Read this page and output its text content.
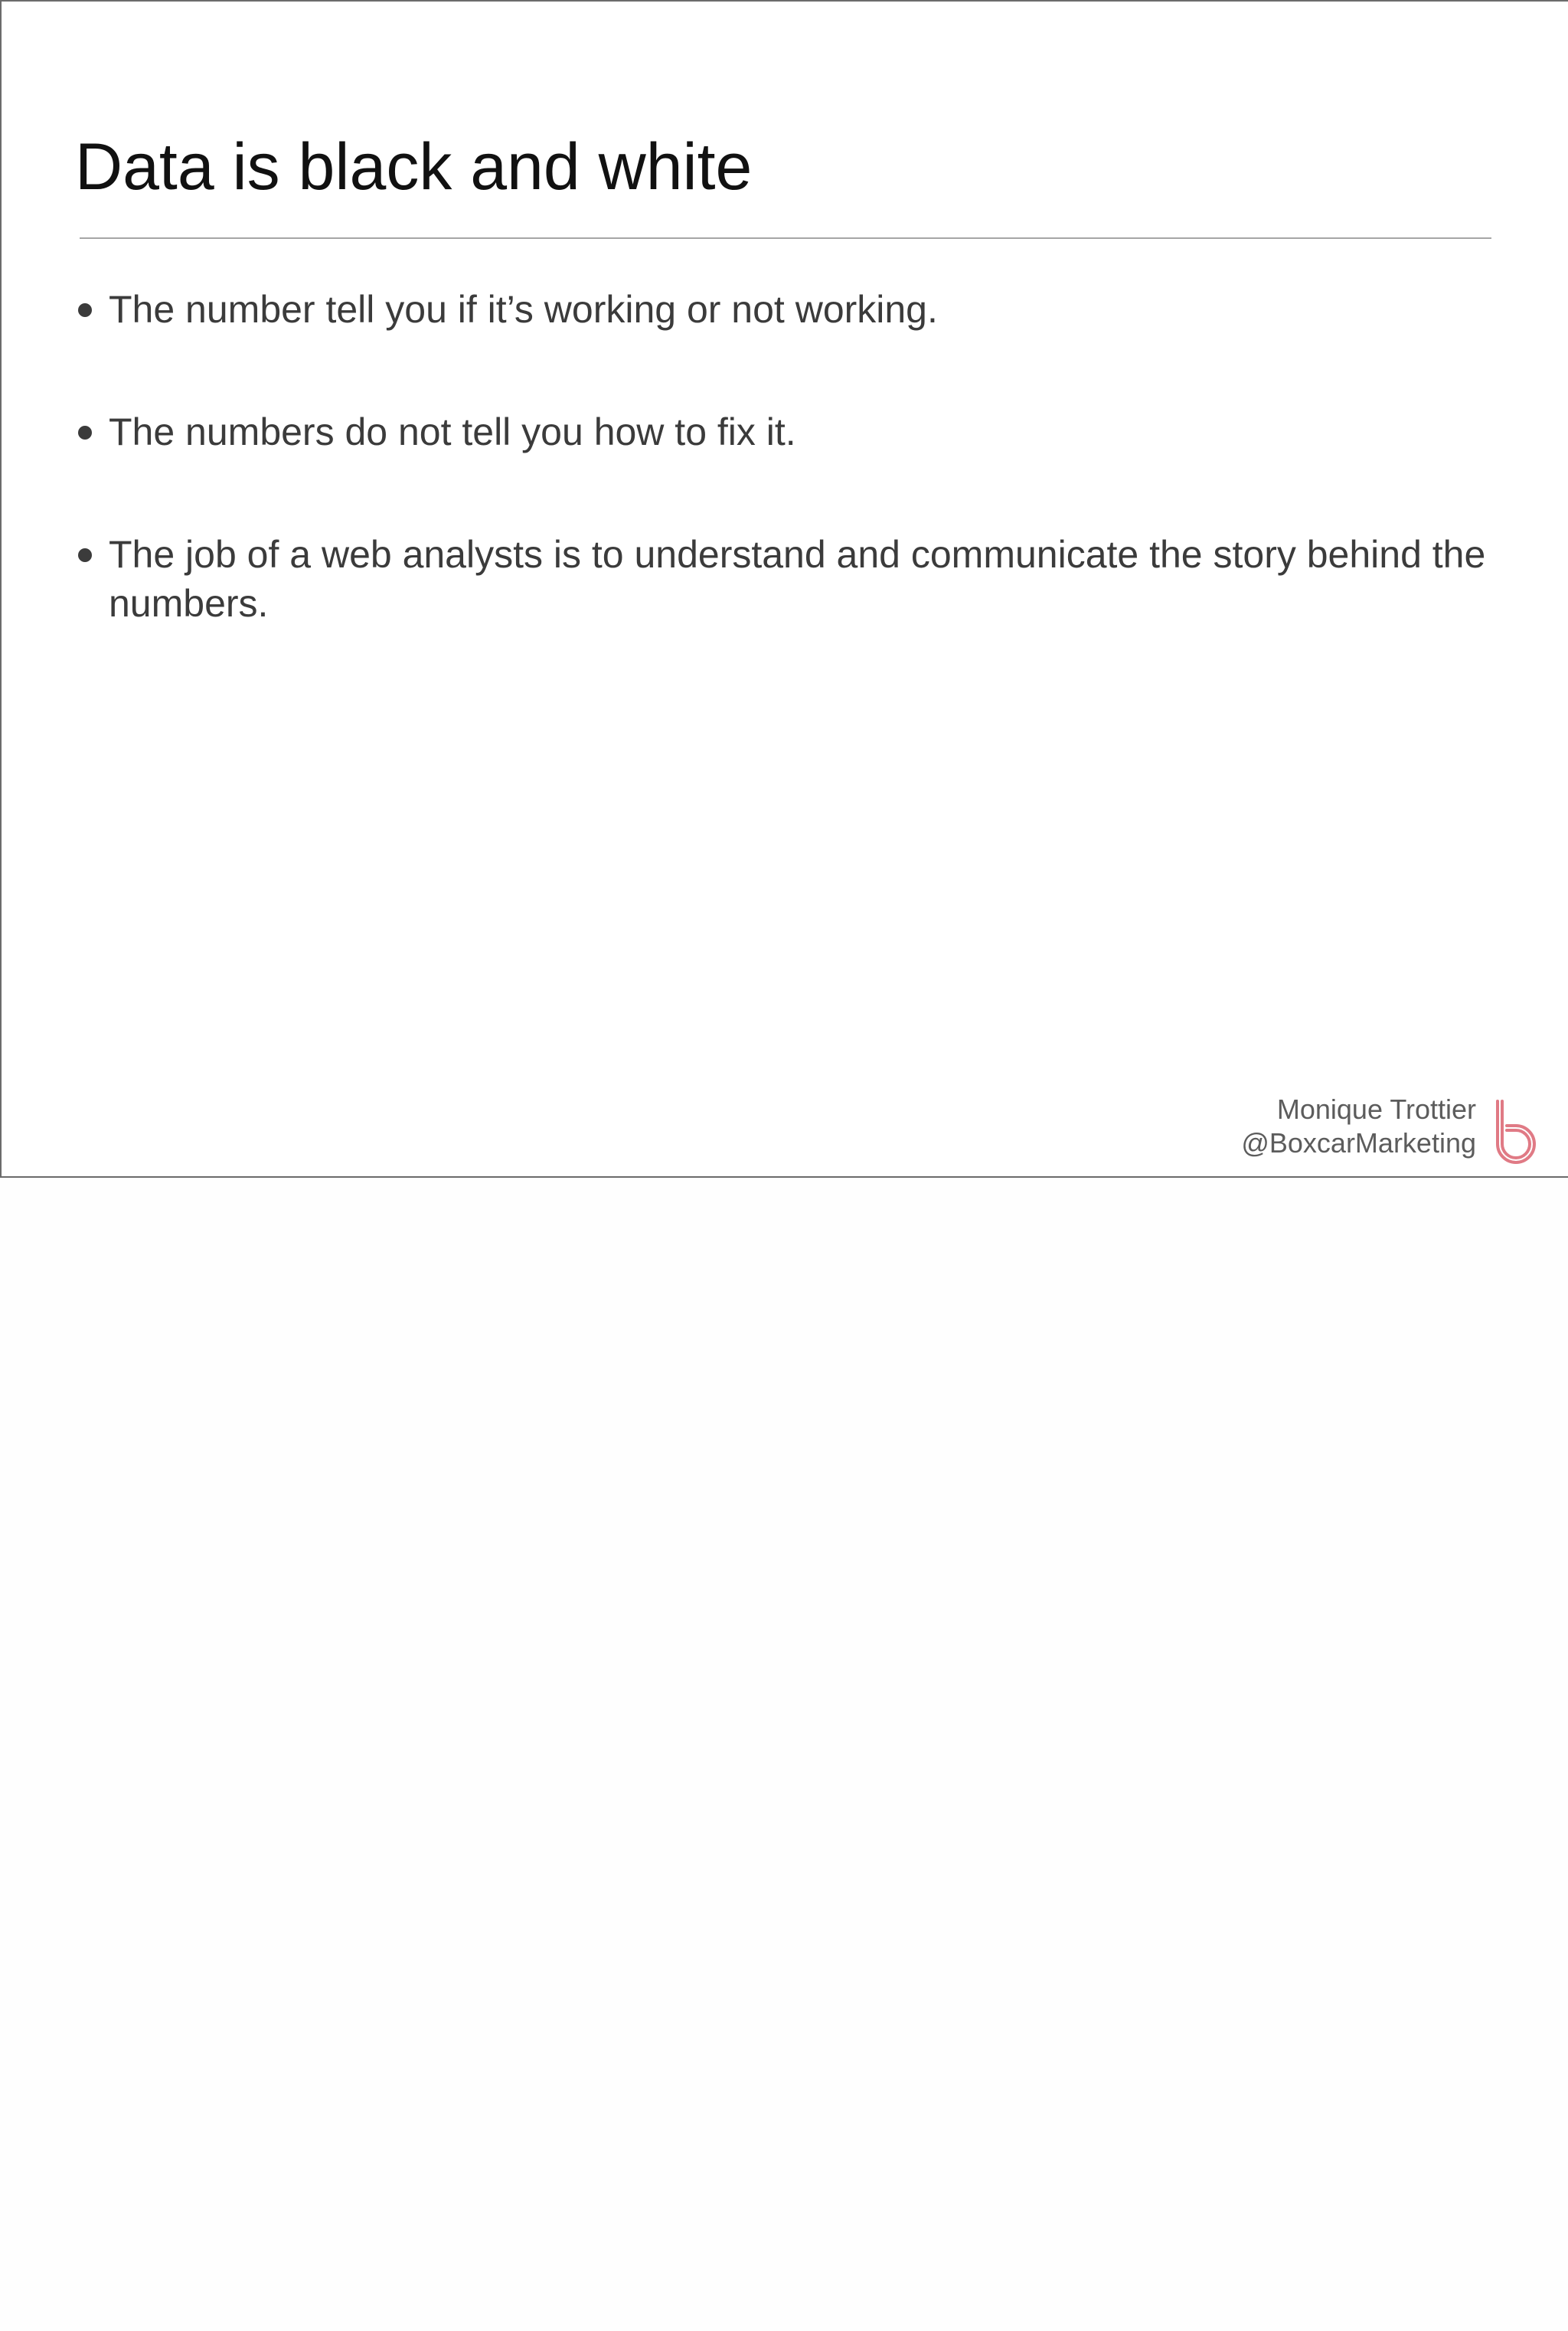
Data is black and white
The number tell you if it’s working or not working.
The numbers do not tell you how to fix it.
The job of a web analysts is to understand and communicate the story behind the numbers.
Monique Trottier
@BoxcarMarketing
